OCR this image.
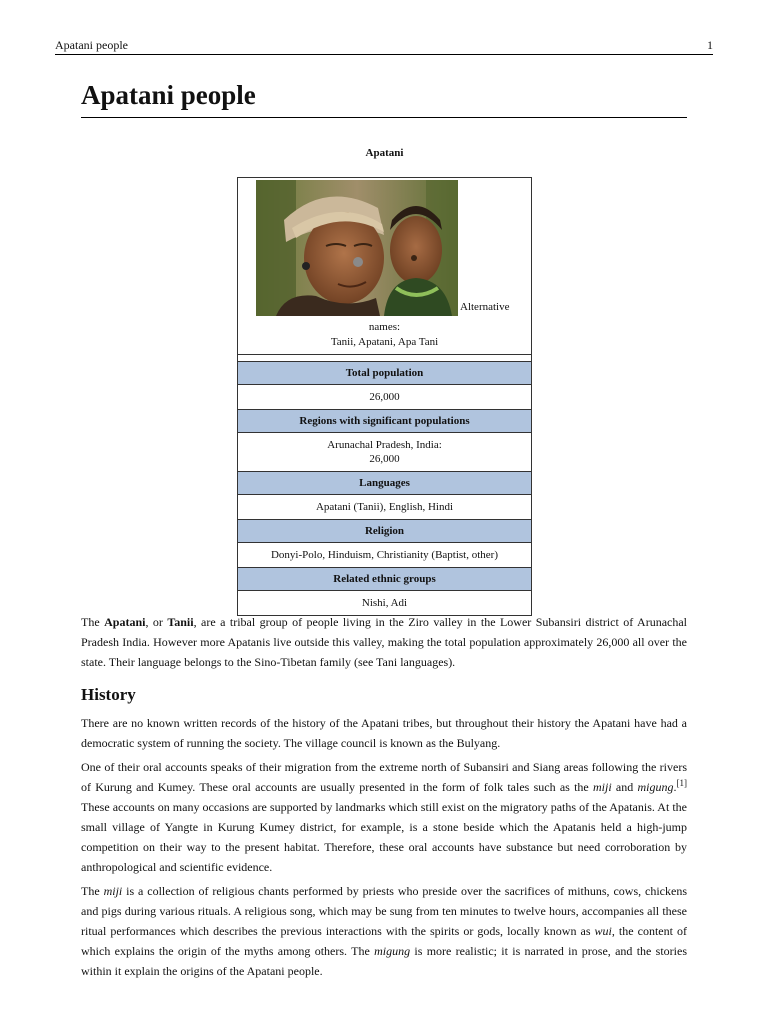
Apatani people	1
Apatani people
Apatani
Alternative
names:
Tanii, Apatani, Apa Tani
Total population
26,000
Regions with significant populations
Arunachal Pradesh, India:
26,000
Languages
Apatani (Tanii), English, Hindi
Religion
Donyi-Polo, Hinduism, Christianity (Baptist, other)
Related ethnic groups
Nishi, Adi

The Apatani, or Tanii, are a tribal group of people living in the Ziro valley in the Lower Subansiri district of Arunachal Pradesh India. However more Apatanis live outside this valley, making the total population approximately 26,000 all over the state. Their language belongs to the Sino-Tibetan family (see Tani languages).

History

There are no known written records of the history of the Apatani tribes, but throughout their history the Apatani have had a democratic system of running the society. The village council is known as the Bulyang.

One of their oral accounts speaks of their migration from the extreme north of Subansiri and Siang areas following the rivers of Kurung and Kumey. These oral accounts are usually presented in the form of folk tales such as the miji and migung.[1] These accounts on many occasions are supported by landmarks which still exist on the migratory paths of the Apatanis. At the small village of Yangte in Kurung Kumey district, for example, is a stone beside which the Apatanis held a high-jump competition on their way to the present habitat. Therefore, these oral accounts have substance but need corroboration by anthropological and scientific evidence.

The miji is a collection of religious chants performed by priests who preside over the sacrifices of mithuns, cows, chickens and pigs during various rituals. A religious song, which may be sung from ten minutes to twelve hours, accompanies all these ritual performances which describes the previous interactions with the spirits or gods, locally known as wui, the content of which explains the origin of the myths among others. The migung is more realistic; it is narrated in prose, and the stories within it explain the origins of the Apatani people.
